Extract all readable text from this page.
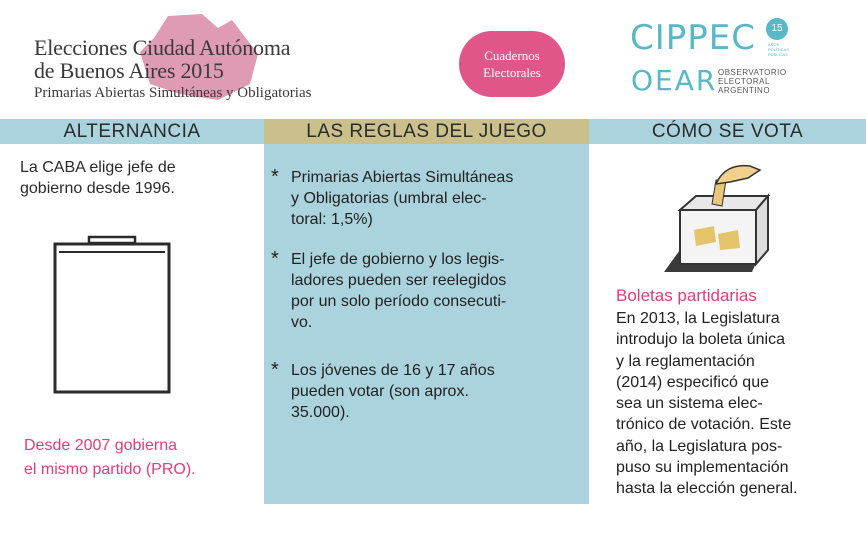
Elecciones Ciudad Autónoma
de Buenos Aires 2015
Primarias Abiertas Simultáneas y Obligatorias
Cuadernos
Electorales
CIPPEC	15
AÑOS
POLÍTICAS
PÚBLICAS
OEAR OBSERVATORIO
ELECTORAL
ARGENTINO
ALTERNANCIA	LAS REGLAS DEL JUEGO	CÓMO SE VOTA
* Primarias Abiertas Simultáneas
y Obligatorias (umbral elec-
toral: 1,5%)
* El jefe de gobierno y los legis-
ladores pueden ser reelegidos
por un solo período consecuti-
vo.
* Los jóvenes de 16 y 17 años
pueden votar (son aprox.
35.000).
La CABA elige jefe de
gobierno desde 1996.
Desde 2007 gobierna
el mismo partido (PRO).
Boletas partidarias
En 2013, la Legislatura
introdujo la boleta única
y la reglamentación
(2014) especificó que
sea un sistema elec-
trónico de votación. Este
año, la Legislatura pos-
puso su implementación
hasta la elección general.
